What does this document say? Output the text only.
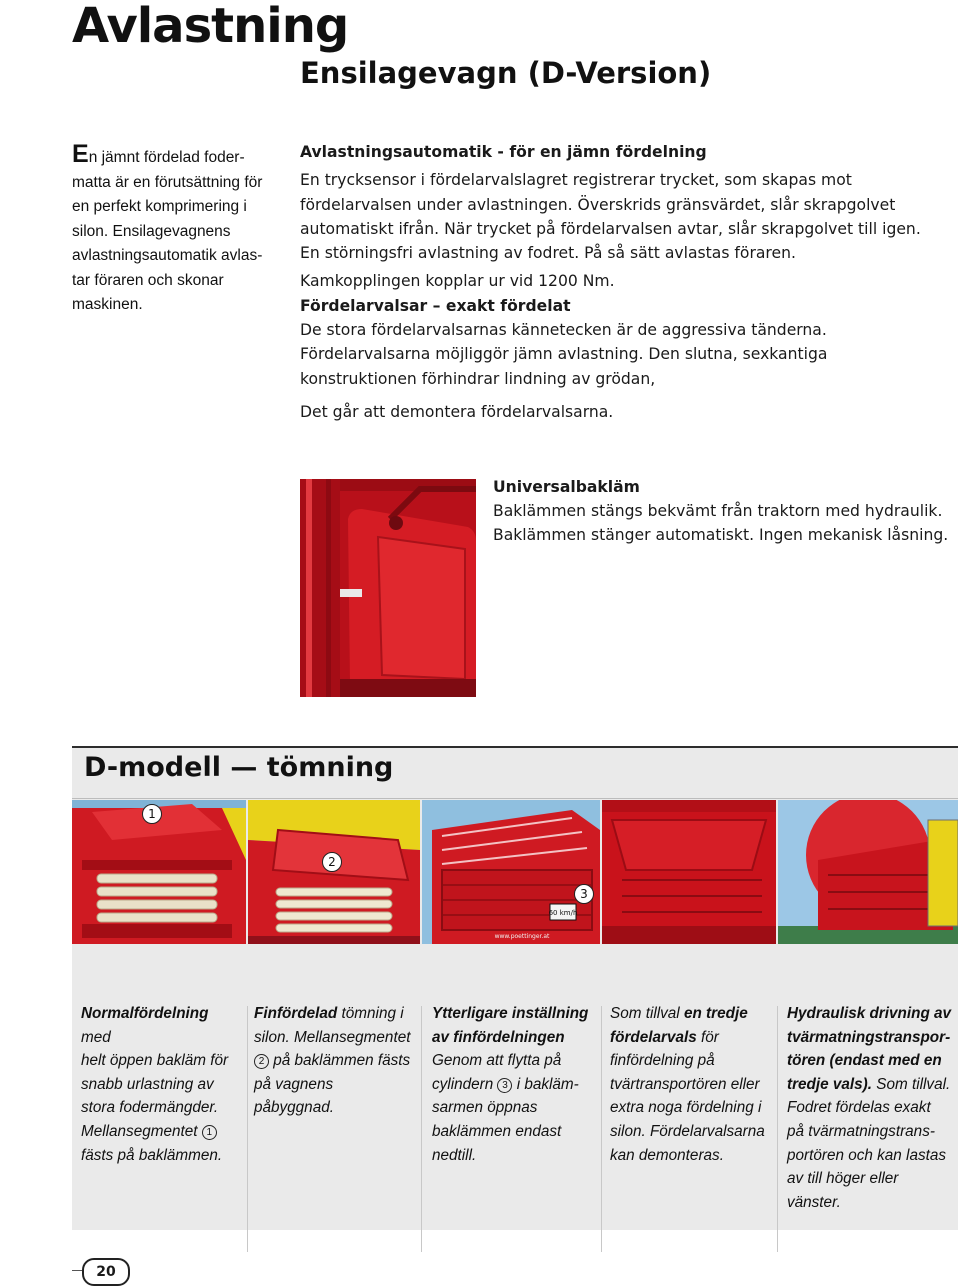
Avlastning
Ensilagevagn (D-Version)
En jämnt fördelad foder-
matta är en förutsättning för
en perfekt komprimering i
silon. Ensilagevagnens
avlastningsautomatik avlas-
tar föraren och skonar
maskinen.

Avlastningsautomatik - för en jämn fördelning

En trycksensor i fördelarvalslagret registrerar trycket, som skapas mot
fördelarvalsen under avlastningen. Överskrids gränsvärdet, slår skrapgolvet
automatiskt ifrån. När trycket på fördelarvalsen avtar, slår skrapgolvet till igen.
En störningsfri avlastning av fodret. På så sätt avlastas föraren.

Kamkopplingen kopplar ur vid 1200 Nm.

Fördelarvalsar – exakt fördelat

De stora fördelarvalsarnas kännetecken är de aggressiva tänderna.
Fördelarvalsarna möjliggör jämn avlastning. Den slutna, sexkantiga
konstruktionen förhindrar lindning av grödan,

Det går att demontera fördelarvalsarna.

Universalbakläm

Baklämmen stängs bekvämt från traktorn med hydraulik.

Baklämmen stänger automatiskt. Ingen mekanisk låsning.

D-modell — tömning
60 km/h
www.poettinger.at
1
2
3

Normalfördelning med
helt öppen bakläm för
snabb urlastning av
stora fodermängder.
Mellansegmentet 1
fästs på baklämmen.

Finfördelad tömning i
silon. Mellansegmentet
2 på baklämmen fästs
på vagnens påbyggnad.

Ytterligare inställning
av finfördelningen
Genom att flytta på
cylindern 3 i bakläm-
sarmen öppnas
baklämmen endast
nedtill.

Som tillval en tredje
fördelarvals för
finfördelning på
tvärtransportören eller
extra noga fördelning i
silon. Fördelarvalsarna
kan demonteras.

Hydraulisk drivning av
tvärmatningstranspor-
tören (endast med en
tredje vals). Som tillval.
Fodret fördelas exakt
på tvärmatningstrans-
portören och kan lastas
av till höger eller
vänster.

20
